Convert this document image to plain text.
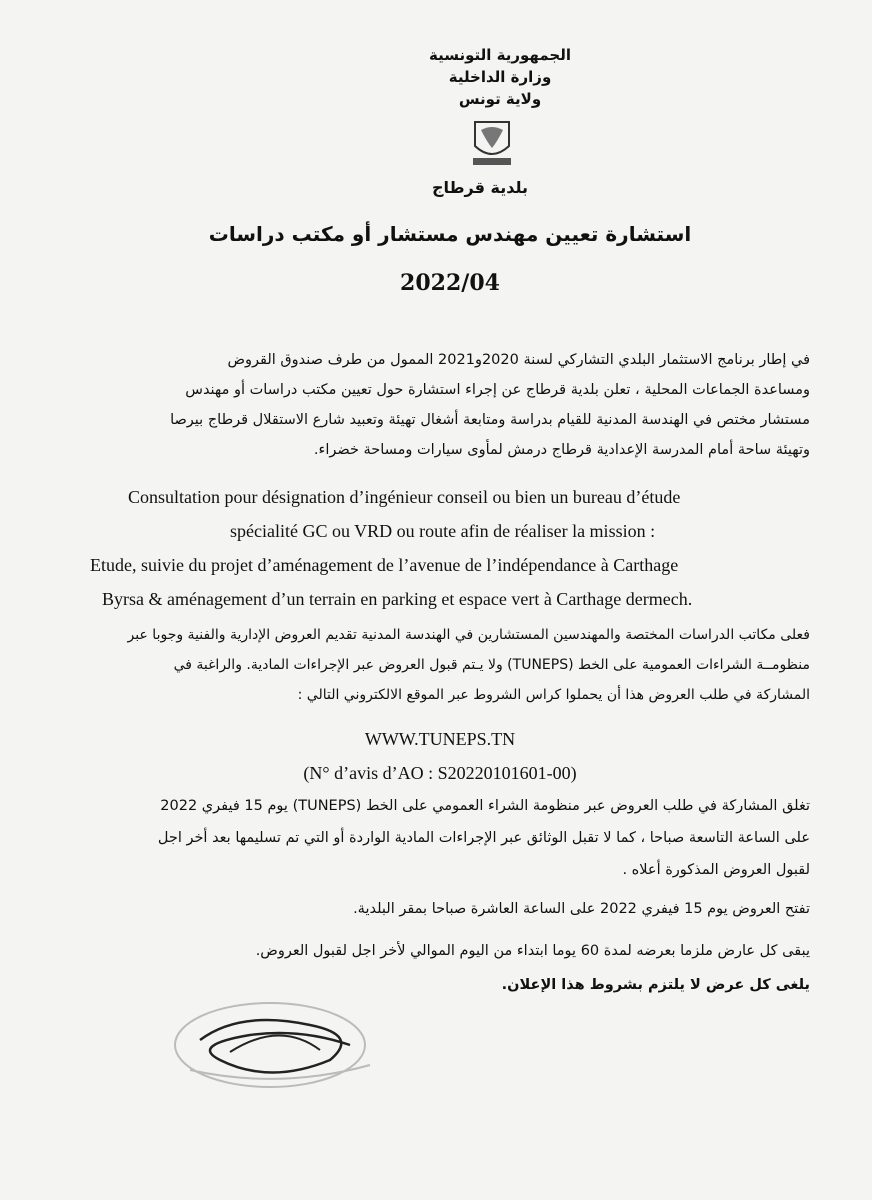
الجمهورية التونسية
وزارة الداخلية
ولاية تونس
بلدية قرطاج
استشارة تعيين مهندس مستشار أو مكتب دراسات
2022/04
في إطار برنامج الاستثمار البلدي التشاركي لسنة 2020و2021 الممول من طرف صندوق القروض
ومساعدة الجماعات المحلية ، تعلن بلدية قرطاج عن إجراء استشارة حول تعيين مكتب دراسات أو مهندس
مستشار مختص في الهندسة المدنية للقيام بدراسة ومتابعة أشغال تهيئة وتعبيد شارع الاستقلال قرطاج بيرصا
وتهيئة ساحة أمام المدرسة الإعدادية قرطاج درمش لمأوى سيارات ومساحة خضراء.
Consultation pour désignation d’ingénieur conseil ou bien un bureau d’étude
spécialité GC ou VRD ou route afin de réaliser la mission :
Etude, suivie du projet d’aménagement de l’avenue de l’indépendance à Carthage
Byrsa & aménagement d’un terrain en parking et espace vert à Carthage dermech.
فعلى مكاتب الدراسات المختصة والمهندسين المستشارين في الهندسة المدنية تقديم العروض الإدارية والفنية وجوبا عبر
منظومــة الشراءات العمومية على الخط (TUNEPS) ولا يـتم قبول العروض عبر الإجراءات المادية. والراغبة في
المشاركة في طلب العروض هذا أن يحملوا كراس الشروط عبر الموقع الالكتروني التالي :
WWW.TUNEPS.TN
(N° d’avis d’AO : S20220101601-00)
تغلق المشاركة في طلب العروض عبر منظومة الشراء العمومي على الخط (TUNEPS) يوم 15 فيفري 2022
على الساعة التاسعة صباحا ، كما لا تقبل الوثائق عبر الإجراءات المادية الواردة أو التي تم تسليمها بعد أخر اجل
لقبول العروض المذكورة أعلاه .
تفتح العروض يوم 15 فيفري 2022 على الساعة العاشرة صباحا بمقر البلدية.
يبقى كل عارض ملزما بعرضه لمدة 60 يوما ابتداء من اليوم الموالي لأخر اجل لقبول العروض.
يلغى كل عرض لا يلتزم بشروط هذا الإعلان.
